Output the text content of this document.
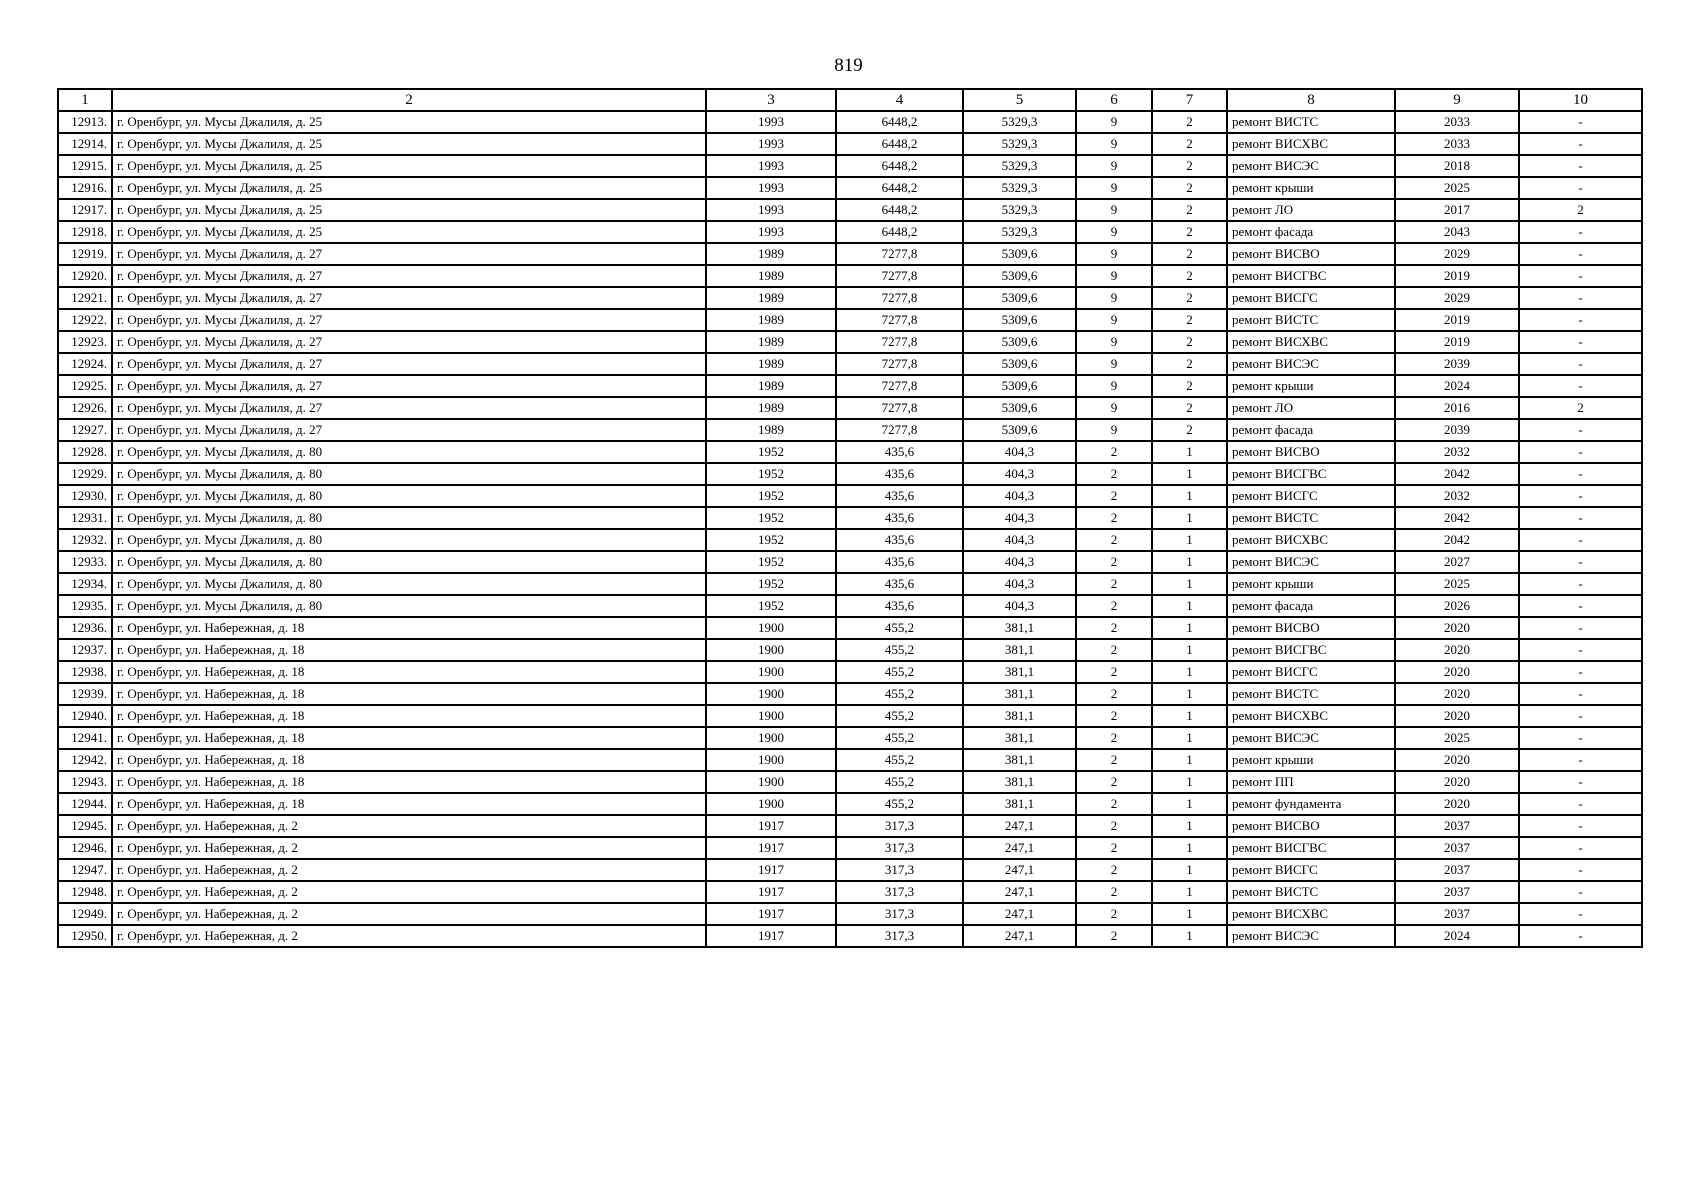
819
1	2	3	4	5	6	7	8	9	10
12913.	г. Оренбург, ул. Мусы Джалиля, д. 25	1993	6448,2	5329,3	9	2	ремонт ВИСТС	2033	-
12914.	г. Оренбург, ул. Мусы Джалиля, д. 25	1993	6448,2	5329,3	9	2	ремонт ВИСХВС	2033	-
12915.	г. Оренбург, ул. Мусы Джалиля, д. 25	1993	6448,2	5329,3	9	2	ремонт ВИСЭС	2018	-
12916.	г. Оренбург, ул. Мусы Джалиля, д. 25	1993	6448,2	5329,3	9	2	ремонт крыши	2025	-
12917.	г. Оренбург, ул. Мусы Джалиля, д. 25	1993	6448,2	5329,3	9	2	ремонт ЛО	2017	2
12918.	г. Оренбург, ул. Мусы Джалиля, д. 25	1993	6448,2	5329,3	9	2	ремонт фасада	2043	-
12919.	г. Оренбург, ул. Мусы Джалиля, д. 27	1989	7277,8	5309,6	9	2	ремонт ВИСВО	2029	-
12920.	г. Оренбург, ул. Мусы Джалиля, д. 27	1989	7277,8	5309,6	9	2	ремонт ВИСГВС	2019	-
12921.	г. Оренбург, ул. Мусы Джалиля, д. 27	1989	7277,8	5309,6	9	2	ремонт ВИСГС	2029	-
12922.	г. Оренбург, ул. Мусы Джалиля, д. 27	1989	7277,8	5309,6	9	2	ремонт ВИСТС	2019	-
12923.	г. Оренбург, ул. Мусы Джалиля, д. 27	1989	7277,8	5309,6	9	2	ремонт ВИСХВС	2019	-
12924.	г. Оренбург, ул. Мусы Джалиля, д. 27	1989	7277,8	5309,6	9	2	ремонт ВИСЭС	2039	-
12925.	г. Оренбург, ул. Мусы Джалиля, д. 27	1989	7277,8	5309,6	9	2	ремонт крыши	2024	-
12926.	г. Оренбург, ул. Мусы Джалиля, д. 27	1989	7277,8	5309,6	9	2	ремонт ЛО	2016	2
12927.	г. Оренбург, ул. Мусы Джалиля, д. 27	1989	7277,8	5309,6	9	2	ремонт фасада	2039	-
12928.	г. Оренбург, ул. Мусы Джалиля, д. 80	1952	435,6	404,3	2	1	ремонт ВИСВО	2032	-
12929.	г. Оренбург, ул. Мусы Джалиля, д. 80	1952	435,6	404,3	2	1	ремонт ВИСГВС	2042	-
12930.	г. Оренбург, ул. Мусы Джалиля, д. 80	1952	435,6	404,3	2	1	ремонт ВИСГС	2032	-
12931.	г. Оренбург, ул. Мусы Джалиля, д. 80	1952	435,6	404,3	2	1	ремонт ВИСТС	2042	-
12932.	г. Оренбург, ул. Мусы Джалиля, д. 80	1952	435,6	404,3	2	1	ремонт ВИСХВС	2042	-
12933.	г. Оренбург, ул. Мусы Джалиля, д. 80	1952	435,6	404,3	2	1	ремонт ВИСЭС	2027	-
12934.	г. Оренбург, ул. Мусы Джалиля, д. 80	1952	435,6	404,3	2	1	ремонт крыши	2025	-
12935.	г. Оренбург, ул. Мусы Джалиля, д. 80	1952	435,6	404,3	2	1	ремонт фасада	2026	-
12936.	г. Оренбург, ул. Набережная, д. 18	1900	455,2	381,1	2	1	ремонт ВИСВО	2020	-
12937.	г. Оренбург, ул. Набережная, д. 18	1900	455,2	381,1	2	1	ремонт ВИСГВС	2020	-
12938.	г. Оренбург, ул. Набережная, д. 18	1900	455,2	381,1	2	1	ремонт ВИСГС	2020	-
12939.	г. Оренбург, ул. Набережная, д. 18	1900	455,2	381,1	2	1	ремонт ВИСТС	2020	-
12940.	г. Оренбург, ул. Набережная, д. 18	1900	455,2	381,1	2	1	ремонт ВИСХВС	2020	-
12941.	г. Оренбург, ул. Набережная, д. 18	1900	455,2	381,1	2	1	ремонт ВИСЭС	2025	-
12942.	г. Оренбург, ул. Набережная, д. 18	1900	455,2	381,1	2	1	ремонт крыши	2020	-
12943.	г. Оренбург, ул. Набережная, д. 18	1900	455,2	381,1	2	1	ремонт ПП	2020	-
12944.	г. Оренбург, ул. Набережная, д. 18	1900	455,2	381,1	2	1	ремонт фундамента	2020	-
12945.	г. Оренбург, ул. Набережная, д. 2	1917	317,3	247,1	2	1	ремонт ВИСВО	2037	-
12946.	г. Оренбург, ул. Набережная, д. 2	1917	317,3	247,1	2	1	ремонт ВИСГВС	2037	-
12947.	г. Оренбург, ул. Набережная, д. 2	1917	317,3	247,1	2	1	ремонт ВИСГС	2037	-
12948.	г. Оренбург, ул. Набережная, д. 2	1917	317,3	247,1	2	1	ремонт ВИСТС	2037	-
12949.	г. Оренбург, ул. Набережная, д. 2	1917	317,3	247,1	2	1	ремонт ВИСХВС	2037	-
12950.	г. Оренбург, ул. Набережная, д. 2	1917	317,3	247,1	2	1	ремонт ВИСЭС	2024	-
